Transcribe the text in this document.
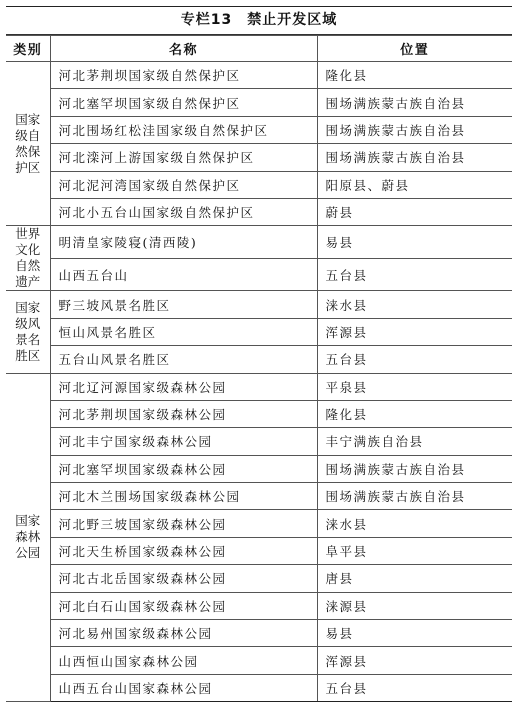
专栏13　禁止开发区域
类别	名称	位置
国家级自然保护区	河北茅荆坝国家级自然保护区	隆化县
	河北塞罕坝国家级自然保护区	围场满族蒙古族自治县
	河北围场红松洼国家级自然保护区	围场满族蒙古族自治县
	河北滦河上游国家级自然保护区	围场满族蒙古族自治县
	河北泥河湾国家级自然保护区	阳原县、蔚县
	河北小五台山国家级自然保护区	蔚县
世界文化自然遗产	明清皇家陵寝(清西陵)	易县
	山西五台山	五台县
国家级风景名胜区	野三坡风景名胜区	涞水县
	恒山风景名胜区	浑源县
	五台山风景名胜区	五台县
国家森林公园	河北辽河源国家级森林公园	平泉县
	河北茅荆坝国家级森林公园	隆化县
	河北丰宁国家级森林公园	丰宁满族自治县
	河北塞罕坝国家级森林公园	围场满族蒙古族自治县
	河北木兰围场国家级森林公园	围场满族蒙古族自治县
	河北野三坡国家级森林公园	涞水县
	河北天生桥国家级森林公园	阜平县
	河北古北岳国家级森林公园	唐县
	河北白石山国家级森林公园	涞源县
	河北易州国家级森林公园	易县
	山西恒山国家森林公园	浑源县
	山西五台山国家森林公园	五台县
